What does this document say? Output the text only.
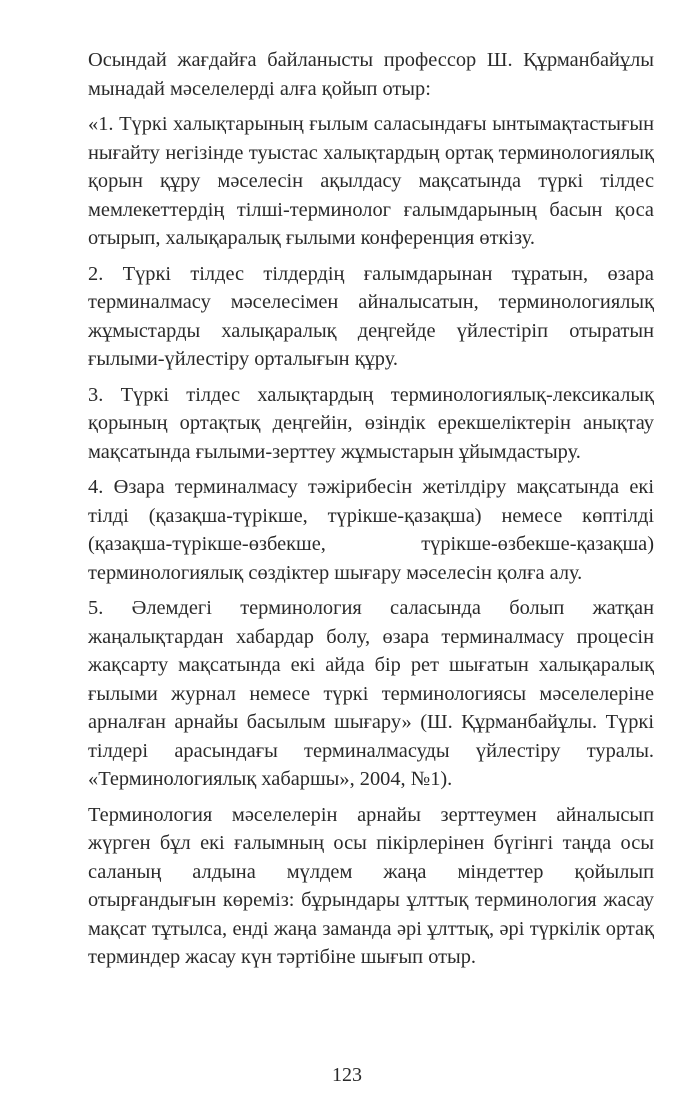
Осындай жағдайға байланысты профессор Ш. Құрманбайұлы мынадай мәселелерді алға қойып отыр:

«1. Түркі халықтарының ғылым саласындағы ынтымақтастығын нығайту негізінде туыстас халықтардың ортақ терминологиялық қорын құру мәселесін ақылдасу мақсатында түркі тілдес мемлекеттердің тілші-терминолог ғалымдарының басын қоса отырып, халықаралық ғылыми конференция өткізу.

2. Түркі тілдес тілдердің ғалымдарынан тұратын, өзара терминалмасу мәселесімен айналысатын, терминологиялық жұмыстарды халықаралық деңгейде үйлестіріп отыратын ғылыми-үйлестіру орталығын құру.

3. Түркі тілдес халықтардың терминологиялық-лексикалық қорының ортақтық деңгейін, өзіндік ерекшеліктерін анықтау мақсатында ғылыми-зерттеу жұмыстарын ұйымдастыру.

4. Өзара терминалмасу тәжірибесін жетілдіру мақсатында екі тілді (қазақша-түрікше, түрікше-қазақша) немесе көптілді (қазақша-түрікше-өзбекше, түрікше-өзбекше-қазақша) терминологиялық сөздіктер шығару мәселесін қолға алу.

5. Әлемдегі терминология саласында болып жатқан жаңалықтардан хабардар болу, өзара терминалмасу процесін жақсарту мақсатында екі айда бір рет шығатын халықаралық ғылыми журнал немесе түркі терминологиясы мәселелеріне арналған арнайы басылым шығару» (Ш. Құрманбайұлы. Түркі тілдері арасындағы терминалмасуды үйлестіру туралы. «Терминологиялық хабаршы», 2004, №1).

Терминология мәселелерін арнайы зерттеумен айналысып жүрген бұл екі ғалымның осы пікірлерінен бүгінгі таңда осы саланың алдына мүлдем жаңа міндеттер қойылып отырғандығын көреміз: бұрындары ұлттық терминология жасау мақсат тұтылса, енді жаңа заманда әрі ұлттық, әрі түркілік ортақ терминдер жасау күн тәртібіне шығып отыр.

123
